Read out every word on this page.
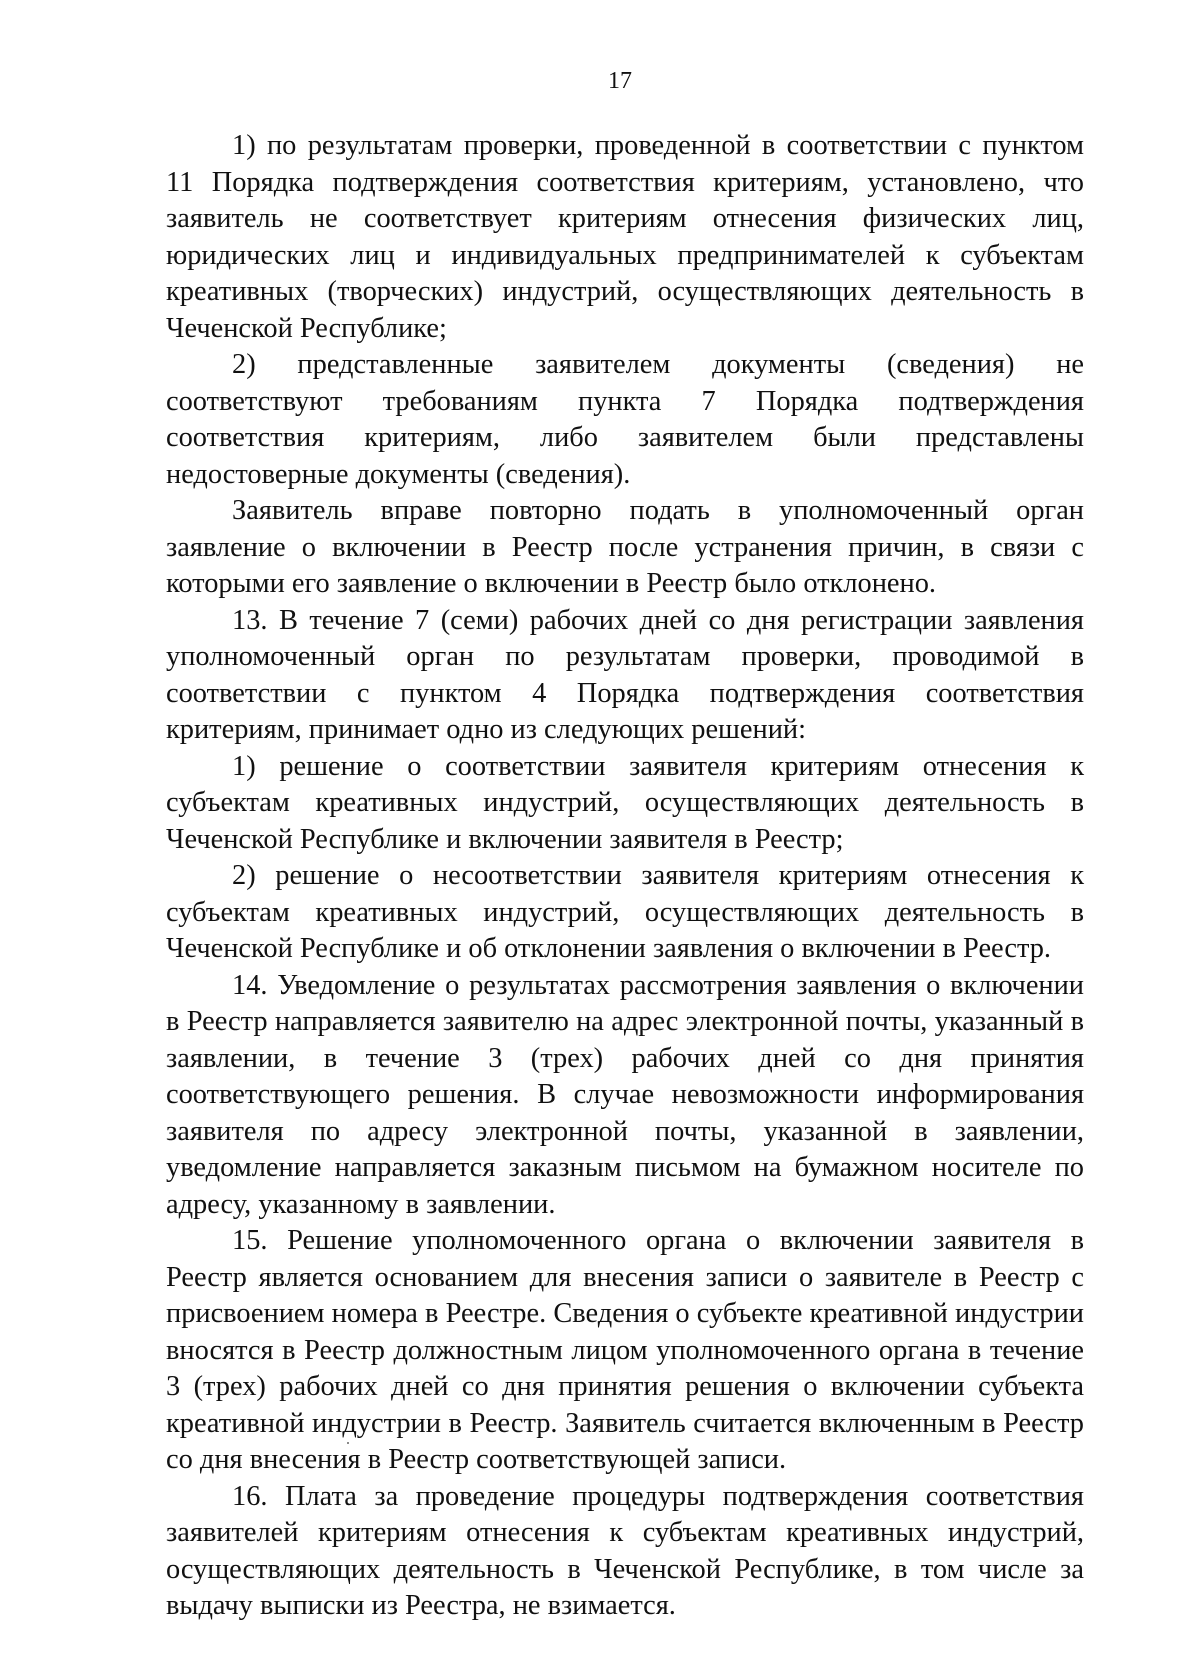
17

1) по результатам проверки, проведенной в соответствии с пунктом 11 Порядка подтверждения соответствия критериям, установлено, что заявитель не соответствует критериям отнесения физических лиц, юридических лиц и индивидуальных предпринимателей к субъектам креативных (творческих) индустрий, осуществляющих деятельность в Чеченской Республике;

2) представленные заявителем документы (сведения) не соответствуют требованиям пункта 7 Порядка подтверждения соответствия критериям, либо заявителем были представлены недостоверные документы (сведения).

Заявитель вправе повторно подать в уполномоченный орган заявление о включении в Реестр после устранения причин, в связи с которыми его заявление о включении в Реестр было отклонено.

13. В течение 7 (семи) рабочих дней со дня регистрации заявления уполномоченный орган по результатам проверки, проводимой в соответствии с пунктом 4 Порядка подтверждения соответствия критериям, принимает одно из следующих решений:

1) решение о соответствии заявителя критериям отнесения к субъектам креативных индустрий, осуществляющих деятельность в Чеченской Республике и включении заявителя в Реестр;

2) решение о несоответствии заявителя критериям отнесения к субъектам креативных индустрий, осуществляющих деятельность в Чеченской Республике и об отклонении заявления о включении в Реестр.

14. Уведомление о результатах рассмотрения заявления о включении в Реестр направляется заявителю на адрес электронной почты, указанный в заявлении, в течение 3 (трех) рабочих дней со дня принятия соответствующего решения. В случае невозможности информирования заявителя по адресу электронной почты, указанной в заявлении, уведомление направляется заказным письмом на бумажном носителе по адресу, указанному в заявлении.

15. Решение уполномоченного органа о включении заявителя в Реестр является основанием для внесения записи о заявителе в Реестр с присвоением номера в Реестре. Сведения о субъекте креативной индустрии вносятся в Реестр должностным лицом уполномоченного органа в течение 3 (трех) рабочих дней со дня принятия решения о включении субъекта креативной индустрии в Реестр. Заявитель считается включенным в Реестр со дня внесения в Реестр соответствующей записи.

16. Плата за проведение процедуры подтверждения соответствия заявителей критериям отнесения к субъектам креативных индустрий, осуществляющих деятельность в Чеченской Республике, в том числе за выдачу выписки из Реестра, не взимается.
